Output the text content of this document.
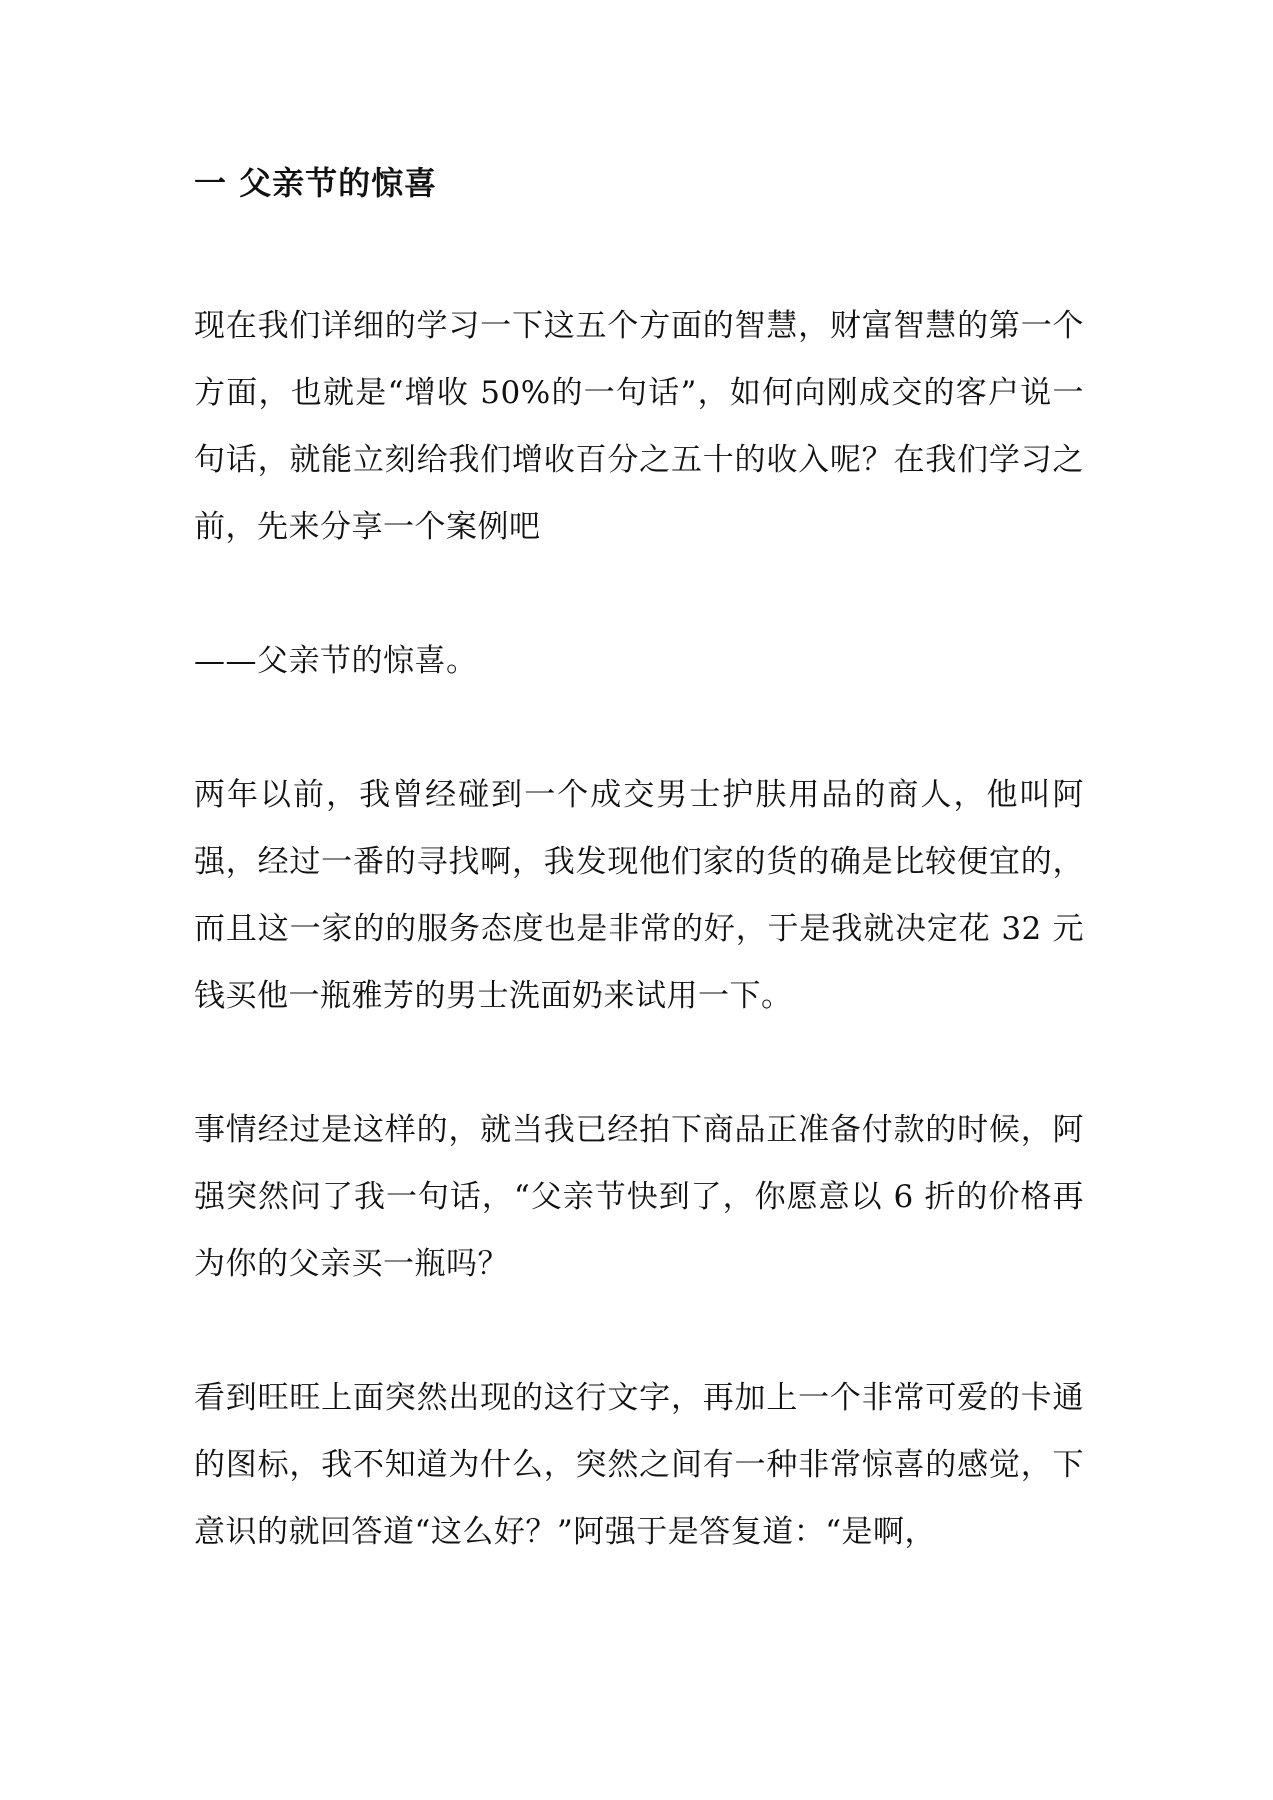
一 父亲节的惊喜

现在我们详细的学习一下这五个方面的智慧，财富智慧的第一个方面，也就是“增收 50%的一句话”，如何向刚成交的客户说一句话，就能立刻给我们增收百分之五十的收入呢？在我们学习之前，先来分享一个案例吧

——父亲节的惊喜。

两年以前，我曾经碰到一个成交男士护肤用品的商人，他叫阿强，经过一番的寻找啊，我发现他们家的货的确是比较便宜的，而且这一家的的服务态度也是非常的好，于是我就决定花 32 元钱买他一瓶雅芳的男士洗面奶来试用一下。

事情经过是这样的，就当我已经拍下商品正准备付款的时候，阿强突然问了我一句话，“父亲节快到了，你愿意以 6 折的价格再为你的父亲买一瓶吗？

看到旺旺上面突然出现的这行文字，再加上一个非常可爱的卡通的图标，我不知道为什么，突然之间有一种非常惊喜的感觉，下意识的就回答道“这么好？”阿强于是答复道：“是啊，
